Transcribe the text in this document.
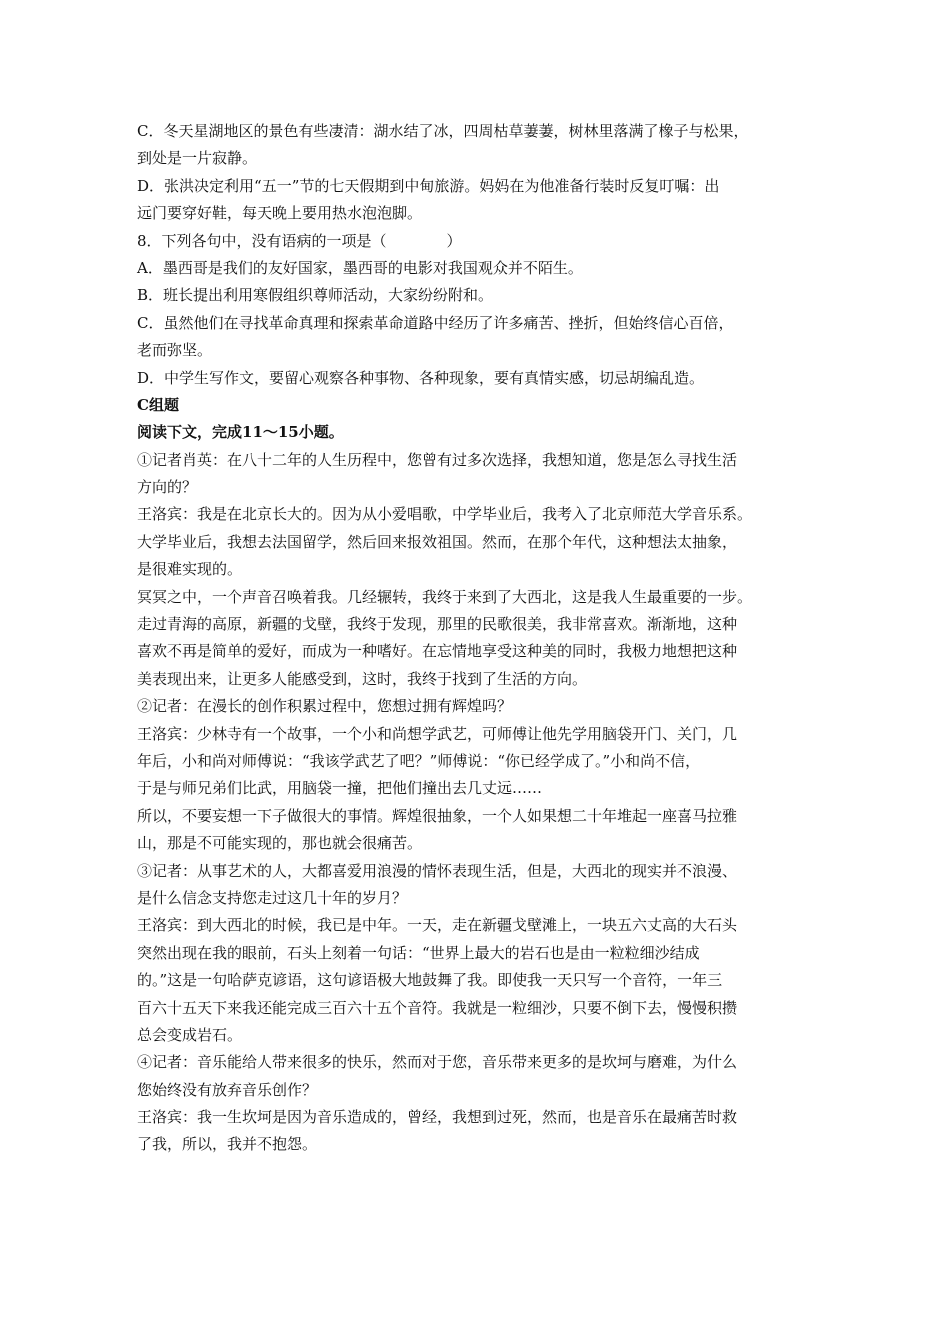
C．冬天星湖地区的景色有些凄清：湖水结了冰，四周枯草萋萋，树林里落满了橡子与松果，
到处是一片寂静。
D．张洪决定利用“五一”节的七天假期到中甸旅游。妈妈在为他准备行装时反复叮嘱：出
远门要穿好鞋，每天晚上要用热水泡泡脚。
8．下列各句中，没有语病的一项是（　　　　）
A．墨西哥是我们的友好国家，墨西哥的电影对我国观众并不陌生。
B．班长提出利用寒假组织尊师活动，大家纷纷附和。
C．虽然他们在寻找革命真理和探索革命道路中经历了许多痛苦、挫折，但始终信心百倍，
老而弥坚。
D．中学生写作文，要留心观察各种事物、各种现象，要有真情实感，切忌胡编乱造。
C组题
阅读下文，完成11～15小题。
①记者肖英：在八十二年的人生历程中，您曾有过多次选择，我想知道，您是怎么寻找生活
方向的？
王洛宾：我是在北京长大的。因为从小爱唱歌，中学毕业后，我考入了北京师范大学音乐系。
大学毕业后，我想去法国留学，然后回来报效祖国。然而，在那个年代，这种想法太抽象，
是很难实现的。
冥冥之中，一个声音召唤着我。几经辗转，我终于来到了大西北，这是我人生最重要的一步。
走过青海的高原，新疆的戈壁，我终于发现，那里的民歌很美，我非常喜欢。渐渐地，这种
喜欢不再是简单的爱好，而成为一种嗜好。在忘情地享受这种美的同时，我极力地想把这种
美表现出来，让更多人能感受到，这时，我终于找到了生活的方向。
②记者：在漫长的创作积累过程中，您想过拥有辉煌吗？
王洛宾：少林寺有一个故事，一个小和尚想学武艺，可师傅让他先学用脑袋开门、关门，几
年后，小和尚对师傅说：“我该学武艺了吧？”师傅说：“你已经学成了。”小和尚不信，
于是与师兄弟们比武，用脑袋一撞，把他们撞出去几丈远……
所以，不要妄想一下子做很大的事情。辉煌很抽象，一个人如果想二十年堆起一座喜马拉雅
山，那是不可能实现的，那也就会很痛苦。
③记者：从事艺术的人，大都喜爱用浪漫的情怀表现生活，但是，大西北的现实并不浪漫、
是什么信念支持您走过这几十年的岁月？
王洛宾：到大西北的时候，我已是中年。一天，走在新疆戈壁滩上，一块五六丈高的大石头
突然出现在我的眼前，石头上刻着一句话：“世界上最大的岩石也是由一粒粒细沙结成
的。”这是一句哈萨克谚语，这句谚语极大地鼓舞了我。即使我一天只写一个音符，一年三
百六十五天下来我还能完成三百六十五个音符。我就是一粒细沙，只要不倒下去，慢慢积攒
总会变成岩石。
④记者：音乐能给人带来很多的快乐，然而对于您，音乐带来更多的是坎坷与磨难，为什么
您始终没有放弃音乐创作？
王洛宾：我一生坎坷是因为音乐造成的，曾经，我想到过死，然而，也是音乐在最痛苦时救
了我，所以，我并不抱怨。
